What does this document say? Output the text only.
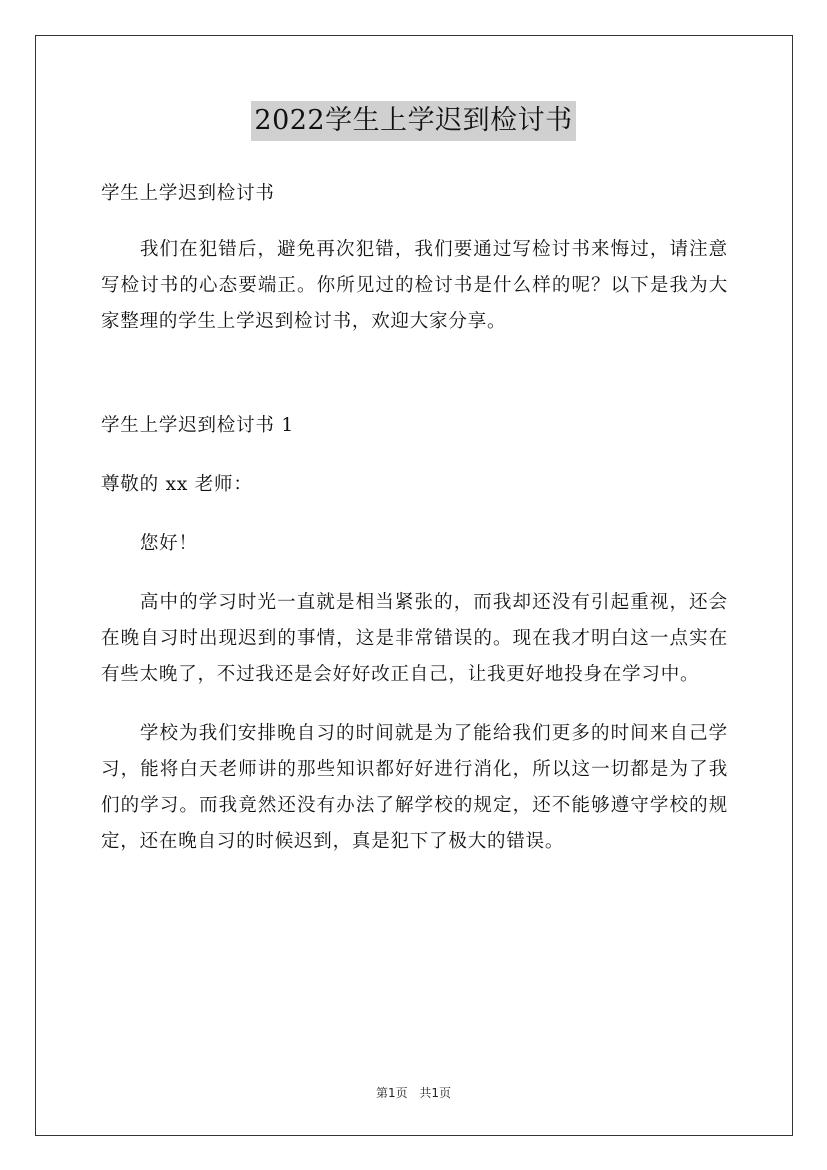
2022学生上学迟到检讨书

学生上学迟到检讨书

我们在犯错后，避免再次犯错，我们要通过写检讨书来悔过，请注意写检讨书的心态要端正。你所见过的检讨书是什么样的呢？以下是我为大家整理的学生上学迟到检讨书，欢迎大家分享。

学生上学迟到检讨书 1

尊敬的 xx 老师：

您好！

高中的学习时光一直就是相当紧张的，而我却还没有引起重视，还会在晚自习时出现迟到的事情，这是非常错误的。现在我才明白这一点实在有些太晚了，不过我还是会好好改正自己，让我更好地投身在学习中。

学校为我们安排晚自习的时间就是为了能给我们更多的时间来自己学习，能将白天老师讲的那些知识都好好进行消化，所以这一切都是为了我们的学习。而我竟然还没有办法了解学校的规定，还不能够遵守学校的规定，还在晚自习的时候迟到，真是犯下了极大的错误。

第1页 共1页
